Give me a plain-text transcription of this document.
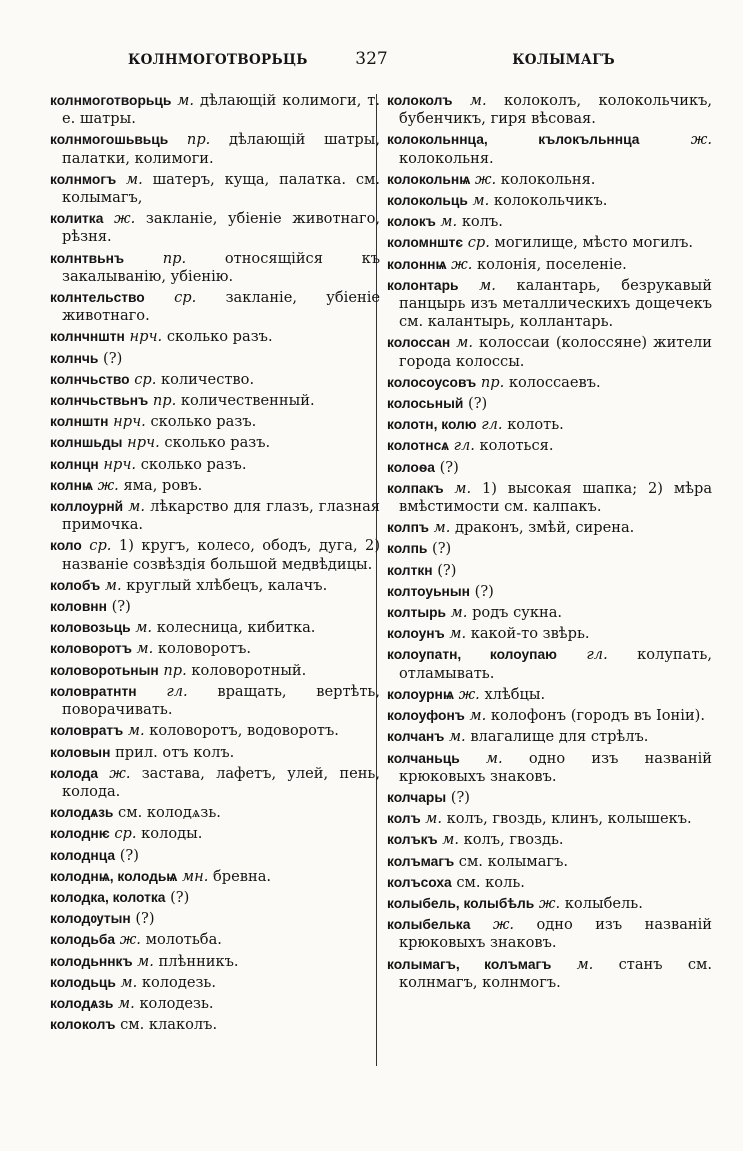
КОЛНМОГОТВОРЬЦЬ	327	КОЛЫМАГЪ

колнмоготворьць м. дѣлающій колимоги, т. е. шатры.

колнмогошьвьць пр. дѣлающій шатры, палатки, колимоги.

колнмогъ м. шатеръ, куща, палатка. см. колымагъ,

колитка ж. закланіе, убіеніе животнаго, рѣзня.

колнтвьнъ	пр.	относящійся къ закалыванію, убіенію.

колнтельство ср. закланіе, убіеніе животнаго.

колнчнштн нрч. сколько разъ.

колнчь (?)

колнчьство ср. количество.

колнчьствьнъ пр. количественный.

колнштн нрч. сколько разъ.

колншьды нрч. сколько разъ.

колнцн нрч. сколько разъ.

колнѩ ж. яма, ровъ.

коллоурнй м. лѣкарство для глазъ, глазная примочка.

коло ср. 1) кругъ, колесо, ободъ, дуга, 2) названіе созвѣздія большой медвѣдицы.

колобъ м. круглый хлѣбецъ, калачъ.

коловнн (?)

коловозьць м. колесница, кибитка.

коловоротъ м. коловоротъ.

коловоротьнын пр. коловоротный.

коловратнтн гл. вращать, вертѣть, поворачивать.

коловратъ м. коловоротъ, водоворотъ.

коловын прил. отъ колъ.

колода ж. застава, лафетъ, улей, пень, колода.

колодѧзь см. колодѧзь.

колоднѥ ср. колоды.

колоднца (?)

колоднѩ, колодьѩ мн. бревна.

колодка, колотка (?)

колодѹтын (?)

колодьба ж. молотьба.

колодьннкъ м. плѣнникъ.

колодьць м. колодезь.

колодѧзь м. колодезь.

колоколъ см. клаколъ.

колоколъ м. колоколъ, колокольчикъ, бубенчикъ, гиря вѣсовая.

колокольннца, кълокъльннца	ж. колокольня.

колокольнѩ ж. колокольня.

колокольць м. колокольчикъ.

колокъ м. колъ.

коломнштє ср. могилище, мѣсто могилъ.

колоннѩ ж. колонія, поселеніе.

колонтарь м. калантарь, безрукавый панцырь изъ металлическихъ дощечекъ см. калантырь, коллантарь.

колоссан м. колоссаи (колоссяне) жители города колоссы.

колосоусовъ пр. колоссаевъ.

колосьный (?)

колотн, колю гл. колоть.

колотнсѧ гл. колоться.

колоѳа (?)

колпакъ м. 1) высокая шапка; 2) мѣра вмѣстимости см. калпакъ.

колпъ м. драконъ, змѣй, сирена.

колпь (?)

колткн (?)

колтоуьнын (?)

колтырь м. родъ сукна.

колоунъ м. какой-то звѣрь.

колоупатн, колоупаю гл. колупать, отламывать.

колоурнѩ ж. хлѣбцы.

колоуфонъ м. колофонъ (городъ въ Іоніи).

колчанъ м. влагалище для стрѣлъ.

колчаньць м. одно изъ названій крюковыхъ знаковъ.

колчары (?)

колъ м. колъ, гвоздь, клинъ, колышекъ.

колъкъ м. колъ, гвоздь.

колъмагъ см. колымагъ.

колъсоха см. коль.

колыбель, колыбѣль ж. колыбель.

колыбелька ж. одно изъ названій крюковыхъ знаковъ.

колымагъ, колъмагъ м. станъ см. колнмагъ, колнмогъ.
